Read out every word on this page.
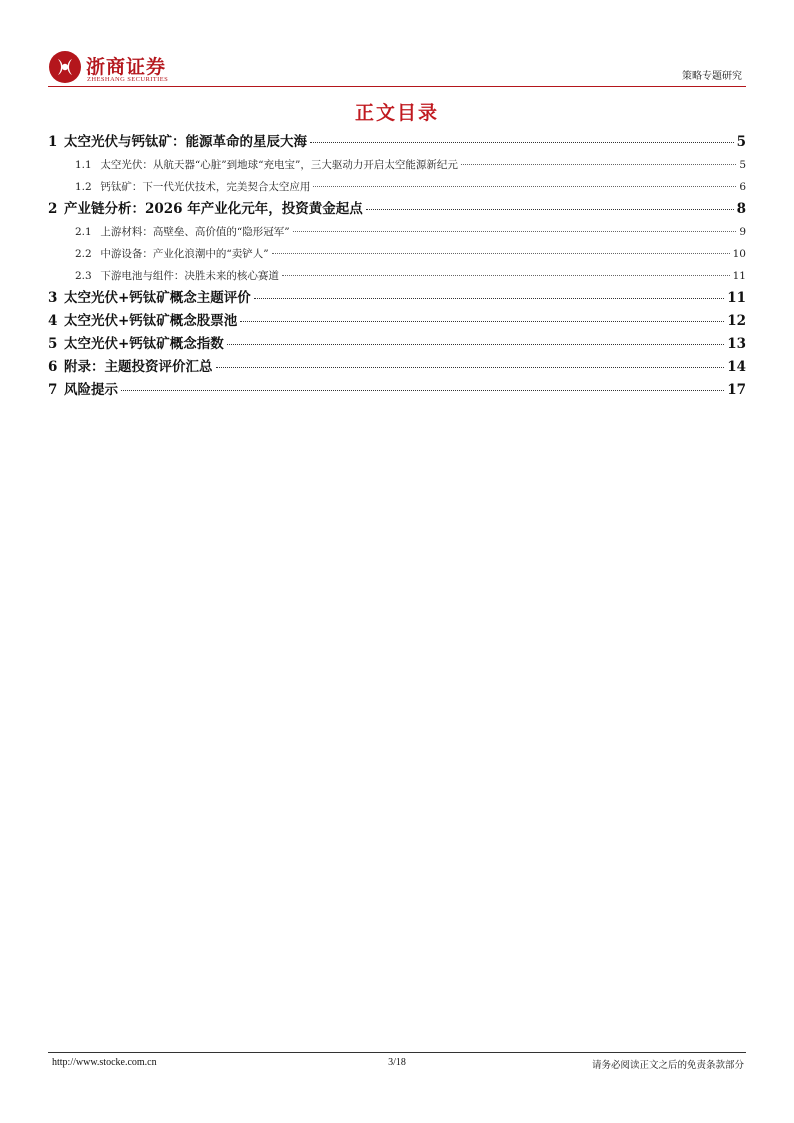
浙商证券
ZHESHANG SECURITIES	策略专题研究
正文目录
1 太空光伏与钙钛矿：能源革命的星辰大海	5
1.1 太空光伏：从航天器“心脏”到地球“充电宝”，三大驱动力开启太空能源新纪元	5
1.2 钙钛矿：下一代光伏技术，完美契合太空应用	6
2 产业链分析：2026 年产业化元年，投资黄金起点	8
2.1 上游材料：高壁垒、高价值的“隐形冠军”	9
2.2 中游设备：产业化浪潮中的“卖铲人”	10
2.3 下游电池与组件：决胜未来的核心赛道	11
3 太空光伏+钙钛矿概念主题评价	11
4 太空光伏+钙钛矿概念股票池	12
5 太空光伏+钙钛矿概念指数	13
6 附录：主题投资评价汇总	14
7 风险提示	17
http://www.stocke.com.cn	3/18	请务必阅读正文之后的免责条款部分
